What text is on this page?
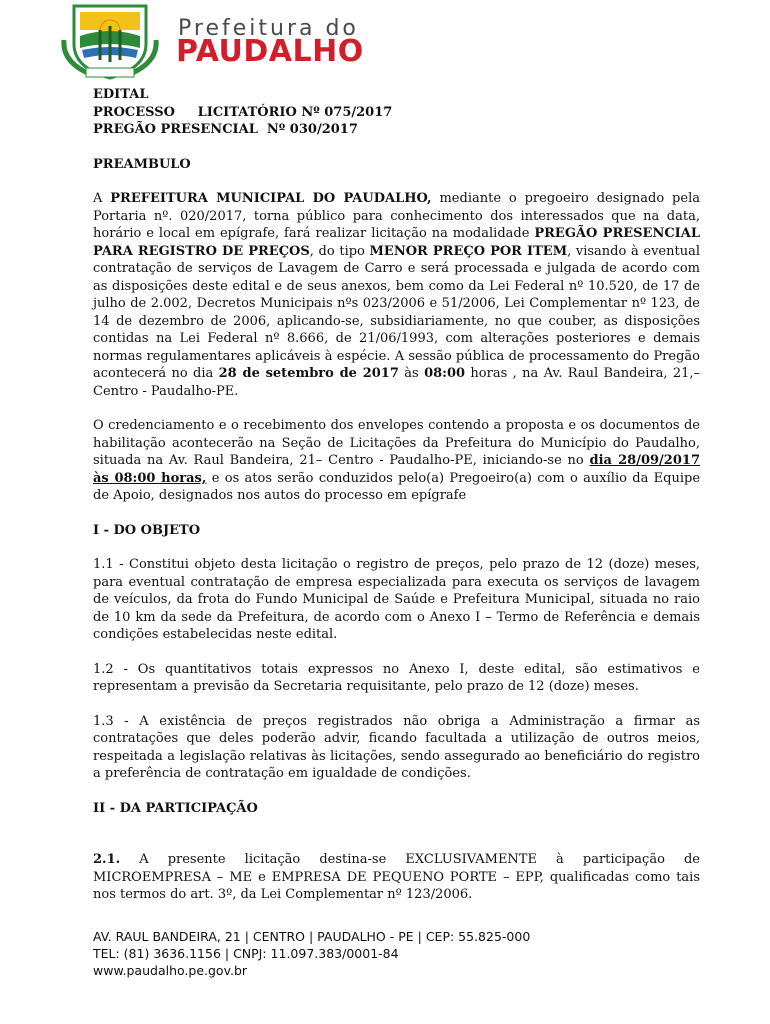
Prefeitura do
PAUDALHO
EDITAL
PROCESSO     LICITATÓRIO Nº 075/2017
PREGÃO PRESENCIAL  Nº 030/2017
PREAMBULO

A PREFEITURA MUNICIPAL DO PAUDALHO, mediante o pregoeiro designado pela Portaria nº. 020/2017, torna público para conhecimento dos interessados que na data, horário e local em epígrafe, fará realizar licitação na modalidade PREGÃO PRESENCIAL PARA REGISTRO DE PREÇOS, do tipo MENOR PREÇO POR ITEM, visando à eventual contratação de serviços de Lavagem de Carro e será processada e julgada de acordo com as disposições deste edital e de seus anexos, bem como da Lei Federal nº 10.520, de 17 de julho de 2.002, Decretos Municipais nºs 023/2006 e 51/2006, Lei Complementar nº 123, de 14 de dezembro de 2006, aplicando-se, subsidiariamente, no que couber, as disposições contidas na Lei Federal nº 8.666, de 21/06/1993, com alterações posteriores e demais normas regulamentares aplicáveis à espécie. A sessão pública de processamento do Pregão acontecerá no dia 28 de setembro de 2017 às 08:00 horas , na Av. Raul Bandeira, 21,– Centro - Paudalho-PE.

O credenciamento e o recebimento dos envelopes contendo a proposta e os documentos de habilitação acontecerão na Seção de Licitações da Prefeitura do Município do Paudalho, situada na Av. Raul Bandeira, 21– Centro - Paudalho-PE, iniciando-se no dia 28/09/2017 às 08:00 horas, e os atos serão conduzidos pelo(a) Pregoeiro(a) com o auxílio da Equipe de Apoio, designados nos autos do processo em epígrafe

I - DO OBJETO

1.1 - Constitui objeto desta licitação o registro de preços, pelo prazo de 12 (doze) meses, para eventual contratação de empresa especializada para executa os serviços de lavagem de veículos, da frota do Fundo Municipal de Saúde e Prefeitura Municipal, situada no raio de 10 km da sede da Prefeitura, de acordo com o Anexo I – Termo de Referência e demais condições estabelecidas neste edital.

1.2 - Os quantitativos totais expressos no Anexo I, deste edital, são estimativos e representam a previsão da Secretaria requisitante, pelo prazo de 12 (doze) meses.

1.3 - A existência de preços registrados não obriga a Administração a firmar as contratações que deles poderão advir, ficando facultada a utilização de outros meios, respeitada a legislação relativas às licitações, sendo assegurado ao beneficiário do registro a preferência de contratação em igualdade de condições.

II - DA PARTICIPAÇÃO

2.1. A presente licitação destina-se EXCLUSIVAMENTE à participação de MICROEMPRESA – ME e EMPRESA DE PEQUENO PORTE – EPP, qualificadas como tais nos termos do art. 3º, da Lei Complementar nº 123/2006.

AV. RAUL BANDEIRA, 21 | CENTRO | PAUDALHO - PE | CEP: 55.825-000
TEL: (81) 3636.1156 | CNPJ: 11.097.383/0001-84
www.paudalho.pe.gov.br
